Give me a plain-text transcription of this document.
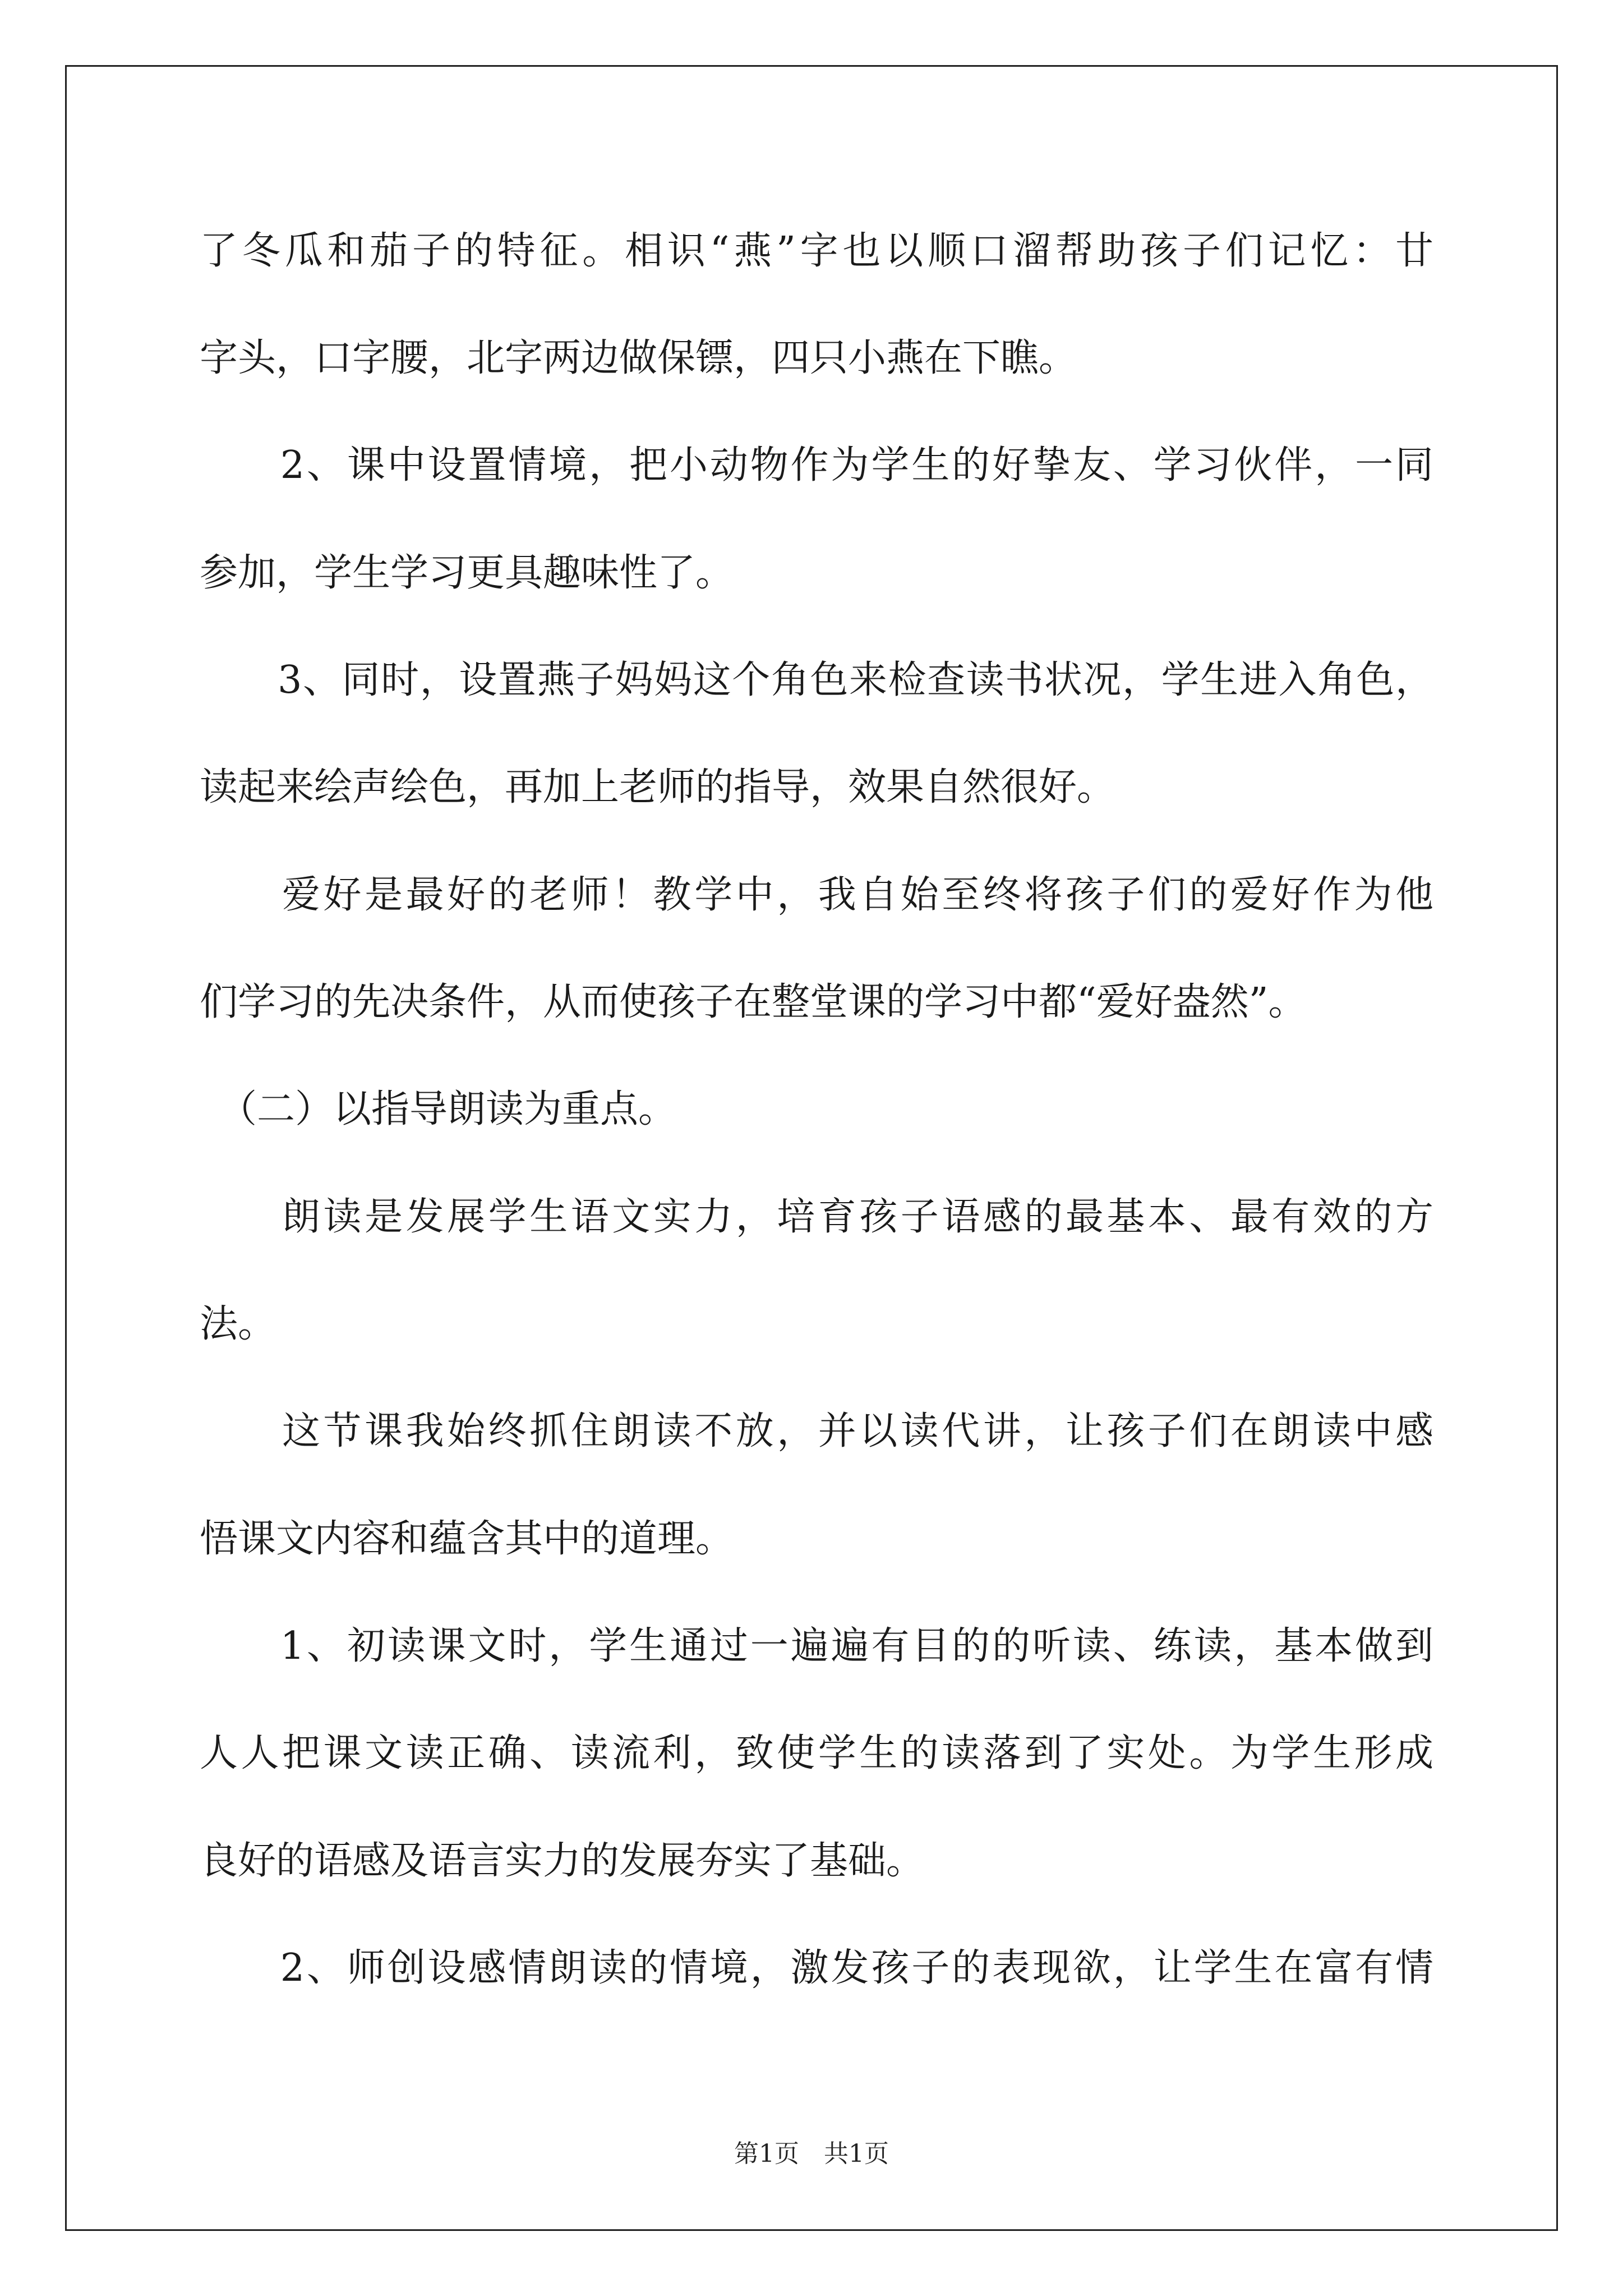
了冬瓜和茄子的特征。相识“燕”字也以顺口溜帮助孩子们记忆：廿
字头，口字腰，北字两边做保镖，四只小燕在下瞧。
　　2、课中设置情境，把小动物作为学生的好挚友、学习伙伴，一同
参加，学生学习更具趣味性了。
　　3、同时，设置燕子妈妈这个角色来检查读书状况，学生进入角色，
读起来绘声绘色，再加上老师的指导，效果自然很好。
　　爱好是最好的老师！教学中，我自始至终将孩子们的爱好作为他
们学习的先决条件，从而使孩子在整堂课的学习中都“爱好盎然”。
　（二）以指导朗读为重点。
　　朗读是发展学生语文实力，培育孩子语感的最基本、最有效的方
法。
　　这节课我始终抓住朗读不放，并以读代讲，让孩子们在朗读中感
悟课文内容和蕴含其中的道理。
　　1、初读课文时，学生通过一遍遍有目的的听读、练读，基本做到
人人把课文读正确、读流利，致使学生的读落到了实处。为学生形成
良好的语感及语言实力的发展夯实了基础。
　　2、师创设感情朗读的情境，激发孩子的表现欲，让学生在富有情
第1页　共1页
